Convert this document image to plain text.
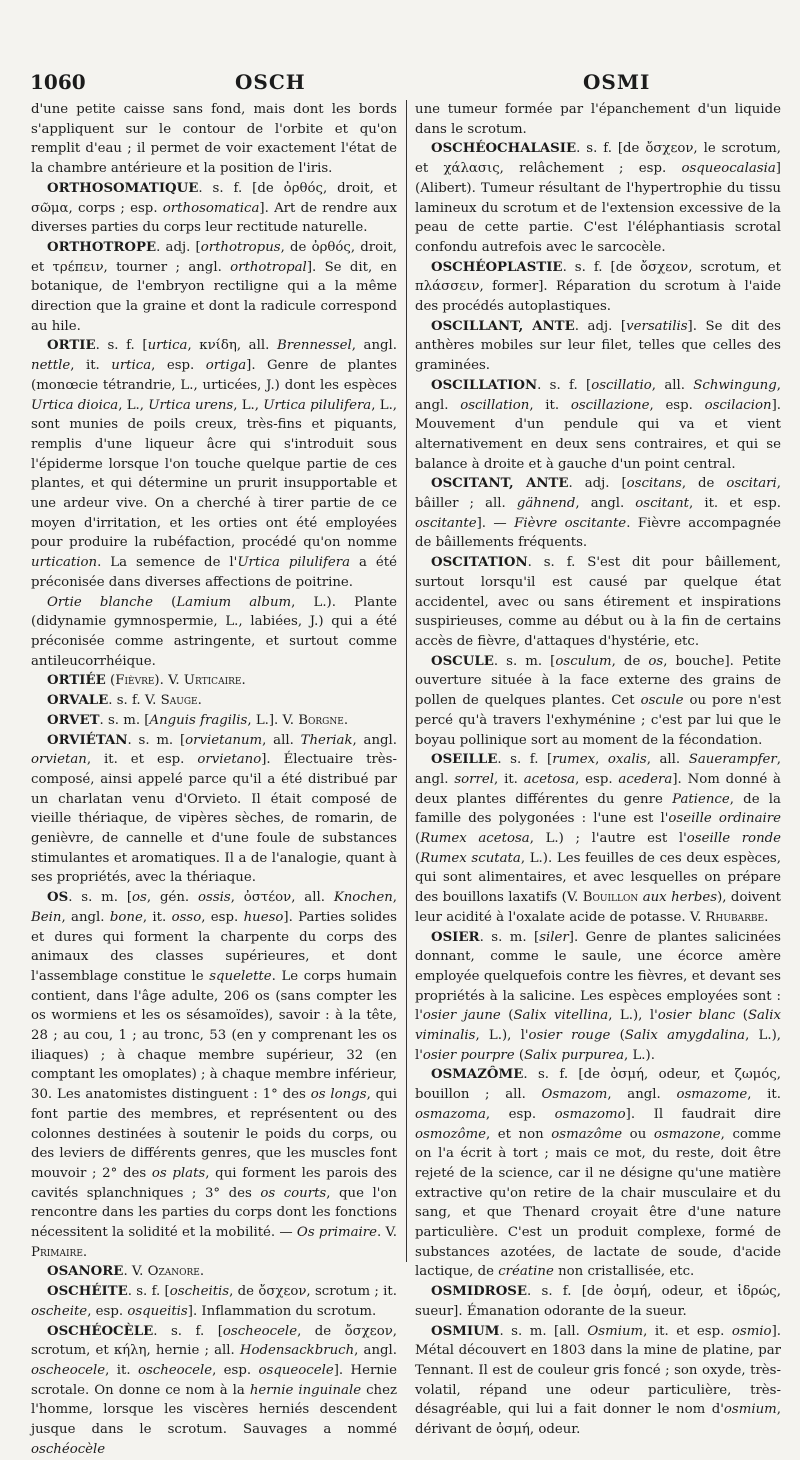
1060	OSCH	OSMI

d'une petite caisse sans fond, mais dont les bords s'appliquent sur le contour de l'orbite et qu'on remplit d'eau ; il permet de voir exactement l'état de la chambre antérieure et la position de l'iris.

ORTHOSOMATIQUE. s. f. [de ὀρθός, droit, et σῶμα, corps ; esp. orthosomatica]. Art de rendre aux diverses parties du corps leur rectitude naturelle.

ORTHOTROPE. adj. [orthotropus, de ὀρθός, droit, et τρέπειν, tourner ; angl. orthotropal]. Se dit, en botanique, de l'embryon rectiligne qui a la même direction que la graine et dont la radicule correspond au hile.

ORTIE. s. f. [urtica, κνίδη, all. Brennessel, angl. nettle, it. urtica, esp. ortiga]. Genre de plantes (monœcie tétrandrie, L., urticées, J.) dont les espèces Urtica dioica, L., Urtica urens, L., Urtica pilulifera, L., sont munies de poils creux, très-fins et piquants, remplis d'une liqueur âcre qui s'introduit sous l'épiderme lorsque l'on touche quelque partie de ces plantes, et qui détermine un prurit insupportable et une ardeur vive. On a cherché à tirer partie de ce moyen d'irritation, et les orties ont été employées pour produire la rubéfaction, procédé qu'on nomme urtication. La semence de l'Urtica pilulifera a été préconisée dans diverses affections de poitrine.

Ortie blanche (Lamium album, L.). Plante (didynamie gymnospermie, L., labiées, J.) qui a été préconisée comme astringente, et surtout comme antileucorrhéique.

ORTIÉE (Fièvre). V. Urticaire.

ORVALE. s. f. V. Sauge.

ORVET. s. m. [Anguis fragilis, L.]. V. Borgne.

ORVIÉTAN. s. m. [orvietanum, all. Theriak, angl. orvietan, it. et esp. orvietano]. Électuaire très-composé, ainsi appelé parce qu'il a été distribué par un charlatan venu d'Orvieto. Il était composé de vieille thériaque, de vipères sèches, de romarin, de genièvre, de cannelle et d'une foule de substances stimulantes et aromatiques. Il a de l'analogie, quant à ses propriétés, avec la thériaque.

OS. s. m. [os, gén. ossis, ὀστέον, all. Knochen, Bein, angl. bone, it. osso, esp. hueso]. Parties solides et dures qui forment la charpente du corps des animaux des classes supérieures, et dont l'assemblage constitue le squelette. Le corps humain contient, dans l'âge adulte, 206 os (sans compter les os wormiens et les os sésamoïdes), savoir : à la tête, 28 ; au cou, 1 ; au tronc, 53 (en y comprenant les os iliaques) ; à chaque membre supérieur, 32 (en comptant les omoplates) ; à chaque membre inférieur, 30. Les anatomistes distinguent : 1° des os longs, qui font partie des membres, et représentent ou des colonnes destinées à soutenir le poids du corps, ou des leviers de différents genres, que les muscles font mouvoir ; 2° des os plats, qui forment les parois des cavités splanchniques ; 3° des os courts, que l'on rencontre dans les parties du corps dont les fonctions nécessitent la solidité et la mobilité. — Os primaire. V. Primaire.

OSANORE. V. Ozanore.

OSCHÉITE. s. f. [oscheitis, de ὄσχεον, scrotum ; it. oscheite, esp. osqueitis]. Inflammation du scrotum.

OSCHÉOCÈLE. s. f. [oscheocele, de ὄσχεον, scrotum, et κήλη, hernie ; all. Hodensackbruch, angl. oscheocele, it. oscheocele, esp. osqueocele]. Hernie scrotale. On donne ce nom à la hernie inguinale chez l'homme, lorsque les viscères herniés descendent jusque dans le scrotum. Sauvages a nommé oschéocèle

une tumeur formée par l'épanchement d'un liquide dans le scrotum.

OSCHÉOCHALASIE. s. f. [de ὄσχεον, le scrotum, et χάλασις, relâchement ; esp. osqueocalasia] (Alibert). Tumeur résultant de l'hypertrophie du tissu lamineux du scrotum et de l'extension excessive de la peau de cette partie. C'est l'éléphantiasis scrotal confondu autrefois avec le sarcocèle.

OSCHÉOPLASTIE. s. f. [de ὄσχεον, scrotum, et πλάσσειν, former]. Réparation du scrotum à l'aide des procédés autoplastiques.

OSCILLANT, ANTE. adj. [versatilis]. Se dit des anthères mobiles sur leur filet, telles que celles des graminées.

OSCILLATION. s. f. [oscillatio, all. Schwingung, angl. oscillation, it. oscillazione, esp. oscilacion]. Mouvement d'un pendule qui va et vient alternativement en deux sens contraires, et qui se balance à droite et à gauche d'un point central.

OSCITANT, ANTE. adj. [oscitans, de oscitari, bâiller ; all. gähnend, angl. oscitant, it. et esp. oscitante]. — Fièvre oscitante. Fièvre accompagnée de bâillements fréquents.

OSCITATION. s. f. S'est dit pour bâillement, surtout lorsqu'il est causé par quelque état accidentel, avec ou sans étirement et inspirations suspirieuses, comme au début ou à la fin de certains accès de fièvre, d'attaques d'hystérie, etc.

OSCULE. s. m. [osculum, de os, bouche]. Petite ouverture située à la face externe des grains de pollen de quelques plantes. Cet oscule ou pore n'est percé qu'à travers l'exhyménine ; c'est par lui que le boyau pollinique sort au moment de la fécondation.

OSEILLE. s. f. [rumex, oxalis, all. Sauerampfer, angl. sorrel, it. acetosa, esp. acedera]. Nom donné à deux plantes différentes du genre Patience, de la famille des polygonées : l'une est l'oseille ordinaire (Rumex acetosa, L.) ; l'autre est l'oseille ronde (Rumex scutata, L.). Les feuilles de ces deux espèces, qui sont alimentaires, et avec lesquelles on prépare des bouillons laxatifs (V. Bouillon aux herbes), doivent leur acidité à l'oxalate acide de potasse. V. Rhubarbe.

OSIER. s. m. [siler]. Genre de plantes salicinées donnant, comme le saule, une écorce amère employée quelquefois contre les fièvres, et devant ses propriétés à la salicine. Les espèces employées sont : l'osier jaune (Salix vitellina, L.), l'osier blanc (Salix viminalis, L.), l'osier rouge (Salix amygdalina, L.), l'osier pourpre (Salix purpurea, L.).

OSMAZÔME. s. f. [de ὀσμή, odeur, et ζωμός, bouillon ; all. Osmazom, angl. osmazome, it. osmazoma, esp. osmazomo]. Il faudrait dire osmozôme, et non osmazôme ou osmazone, comme on l'a écrit à tort ; mais ce mot, du reste, doit être rejeté de la science, car il ne désigne qu'une matière extractive qu'on retire de la chair musculaire et du sang, et que Thenard croyait être d'une nature particulière. C'est un produit complexe, formé de substances azotées, de lactate de soude, d'acide lactique, de créatine non cristallisée, etc.

OSMIDROSE. s. f. [de ὀσμή, odeur, et ἱδρώς, sueur]. Émanation odorante de la sueur.

OSMIUM. s. m. [all. Osmium, it. et esp. osmio]. Métal découvert en 1803 dans la mine de platine, par Tennant. Il est de couleur gris foncé ; son oxyde, très-volatil, répand une odeur particulière, très-désagréable, qui lui a fait donner le nom d'osmium, dérivant de ὀσμή, odeur.
